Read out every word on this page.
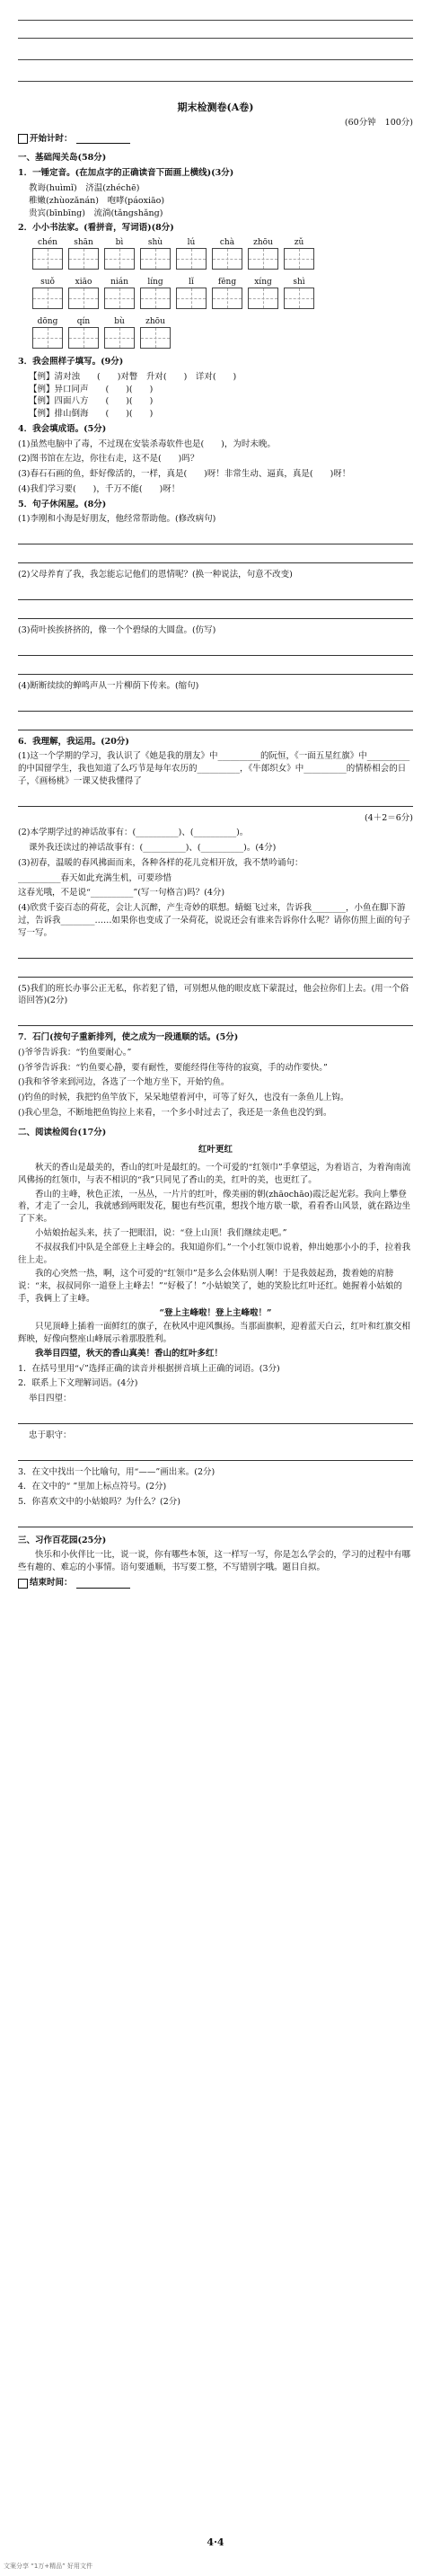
期末检测卷(A卷)
(60分钟 100分)
开始计时：
一、基础闯关岛(58分)
1．一锤定音。(在加点字的正确读音下面画上横线)(3分)
教诲(huìmǐ)　济温(zhéchē)
稚嫩(zhùozǎnán)　咆哮(páoxiāo)
贵宾(bīnbīng)　流淌(tǎngshǎng)
2．小小书法家。(看拼音，写词语)(8分)
chén	shān	bì	shù	lú	chà	zhōu	zǔ
suǒ	xiāo	nián	líng	lǐ	fēng	xíng	shì
dōng	qín	bù	zhōu
3．我会照样子填写。(9分)
【例】清对浊　　(　　)对瞥　升对(　　)　详对(　　)
【例】异口同声　　(　　)(　　)
【例】四面八方　　(　　)(　　)
【例】排山倒海　　(　　)(　　)
4．我会填成语。(5分)
(1)虽然电脑中了毒，不过现在安装杀毒软件也是(　　)，为时未晚。
(2)图书馆在左边，你往右走，这不是(　　)吗？
(3)春石石画的鱼，虾好像活的，一样，真是(　　)呀！非常生动、逼真，真是(　　)呀！
(4)我们学习要(　　)，千万不能(　　)呀！
5．句子休闲屋。(8分)
(1)李刚和小海是好朋友，他经常帮助他。(修改病句)
(2)父母养育了我，我怎能忘记他们的恩情呢？(换一种说法，句意不改变)
(3)荷叶挨挨挤挤的，像一个个碧绿的大圆盘。(仿写)
(4)断断续续的蝉鸣声从一片柳荫下传来。(缩句)
6．我理解，我运用。(20分)
(1)这一个学期的学习，我认识了《她是我的朋友》中__________的阮恒，《一面五星红旗》中__________的中国留学生，我也知道了么巧节是每年农历的__________，《牛郎织女》中__________的情桥相会的日子，《画杨桃》一课又使我懂得了
(4＋2＝6分)
(2)本学期学过的神话故事有：(__________)、(__________)。
课外我还读过的神话故事有：(__________)、(__________)。(4分)
(3)初春，温暖的春风拂面而来，各种各样的花儿竞相开放，我不禁吟诵句：
__________春天如此充满生机，可要珍惜
这春光哦，不是说“__________”(写一句格言)吗？(4分)
(4)欣赏千姿百态的荷花，会让人沉醉，产生奇妙的联想。蜻蜓飞过来，告诉我________，小鱼在脚下游过，告诉我________……如果你也变成了一朵荷花，说说还会有谁来告诉你什么呢？请你仿照上面的句子写一写。
(5)我们的班长办事公正无私，你若犯了错，可别想从他的眼皮底下蒙混过，他会拉你们上去。(用一个俗语回答)(2分)
7．石门(按句子重新排列，使之成为一段通顺的话。(5分)
()爷爷告诉我：“钓鱼要耐心。”
()爷爷告诉我：“钓鱼要心静，要有耐性，要能经得住等待的寂寞，手的动作要快。”
()我和爷爷来到河边，各选了一个地方坐下，开始钓鱼。
()钓鱼的时候，我把钓鱼竿放下，呆呆地望着河中，可等了好久，也没有一条鱼儿上钩。
()我心里急，不断地把鱼钩拉上来看，一个多小时过去了，我还是一条鱼也没钓到。
二、阅读检阅台(17分)
红叶更红
秋天的香山是最美的，香山的红叶是最红的。一个可爱的“红领巾”手拿望远，为着语言，为着洵南流风佛扬的红领巾，与表不相识的“我”只同见了香山的美，红叶的美，也更红了。
香山的主峰，秋色正浓，一丛丛，一片片的红叶，像美丽的朝(zhāochāo)霞泛起光彩。我向上攀登着，才走了一会儿，我就感到两眼发花，腿也有些沉重，想找个地方歇一歇，看看香山风景，就在路边坐了下来。
小姑娘抬起头来，扶了一把眼泪，说：“登上山顶！我们继续走吧。”
不叔叔我们中队是全部登上主峰会的。我知道你们。”一个小红领巾说着，伸出她那小小的手，拉着我往上走。
我的心突然一热，啊，这个可爱的“红领巾”是多么会体贴别人啊！于是我鼓起劲，拨着她的肩膀说：“来，叔叔同你一道登上主峰去！”“好极了！”小姑娘笑了，她的笑脸比红叶还红。她握着小姑娘的手，我俩上了主峰。
“登上主峰啦！登上主峰啦！”
只见顶峰上插着一面鲜红的旗子，在秋风中迎风飘扬。当那面旗帜，迎着蓝天白云，红叶和红旗交相辉映，好像向整座山峰展示着那股胜利。
我举目四望，秋天的香山真美！香山的红叶多红！
1．在括号里用“√”选择正确的读音并根据拼音填上正确的词语。(3分)
2．联系上下文理解词语。(4分)
举目四望：
忠于职守：
3．在文中找出一个比喻句，用“——”画出来。(2分)
4．在文中的“ ”里加上标点符号。(2分)
5．你喜欢文中的小姑娘吗？为什么？(2分)
三、习作百花园(25分)
快乐和小伙伴比一比，说一说，你有哪些本领，这一样写一写，你是怎么学会的，学习的过程中有哪些有趣的、难忘的小事情。语句要通顺，书写要工整，不写错别字哦。题目自拟。
结束时间：
4·4
文案分享 “1万+精品” 好用文件
